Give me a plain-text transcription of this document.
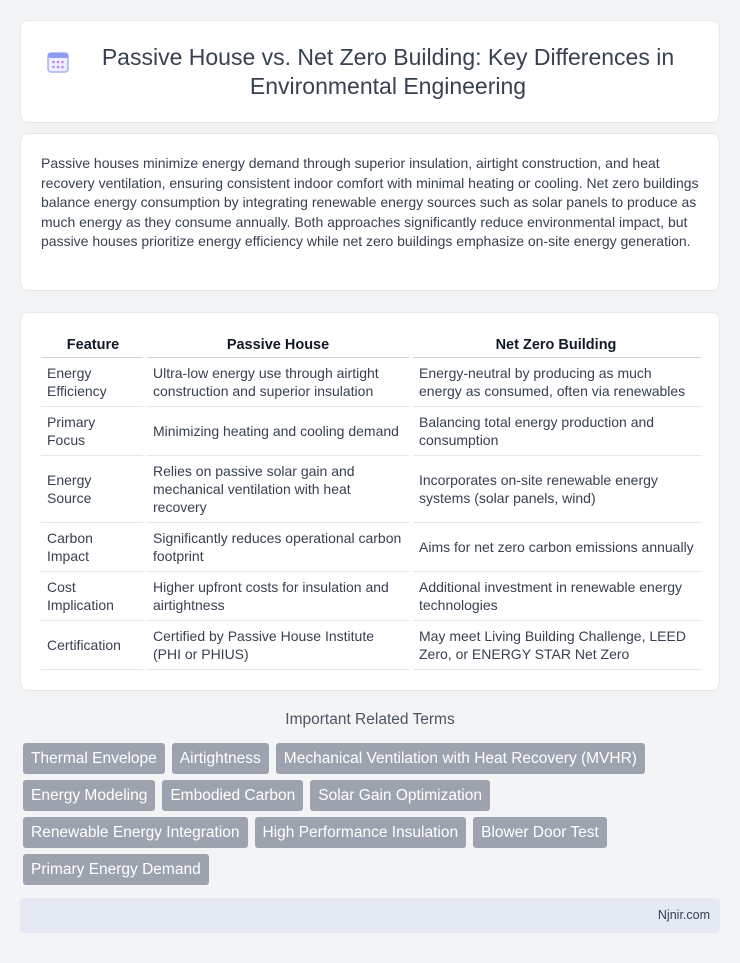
Passive House vs. Net Zero Building: Key Differences in Environmental Engineering

Passive houses minimize energy demand through superior insulation, airtight construction, and heat recovery ventilation, ensuring consistent indoor comfort with minimal heating or cooling. Net zero buildings balance energy consumption by integrating renewable energy sources such as solar panels to produce as much energy as they consume annually. Both approaches significantly reduce environmental impact, but passive houses prioritize energy efficiency while net zero buildings emphasize on-site energy generation.

Feature	Passive House	Net Zero Building
Energy Efficiency	Ultra-low energy use through airtight construction and superior insulation	Energy-neutral by producing as much energy as consumed, often via renewables
Primary Focus	Minimizing heating and cooling demand	Balancing total energy production and consumption
Energy Source	Relies on passive solar gain and mechanical ventilation with heat recovery	Incorporates on-site renewable energy systems (solar panels, wind)
Carbon Impact	Significantly reduces operational carbon footprint	Aims for net zero carbon emissions annually
Cost Implication	Higher upfront costs for insulation and airtightness	Additional investment in renewable energy technologies
Certification	Certified by Passive House Institute (PHI or PHIUS)	May meet Living Building Challenge, LEED Zero, or ENERGY STAR Net Zero
Important Related Terms
Thermal Envelope	Airtightness	Mechanical Ventilation with Heat Recovery (MVHR)
Energy Modeling	Embodied Carbon	Solar Gain Optimization
Renewable Energy Integration	High Performance Insulation	Blower Door Test
Primary Energy Demand
Njnir.com
